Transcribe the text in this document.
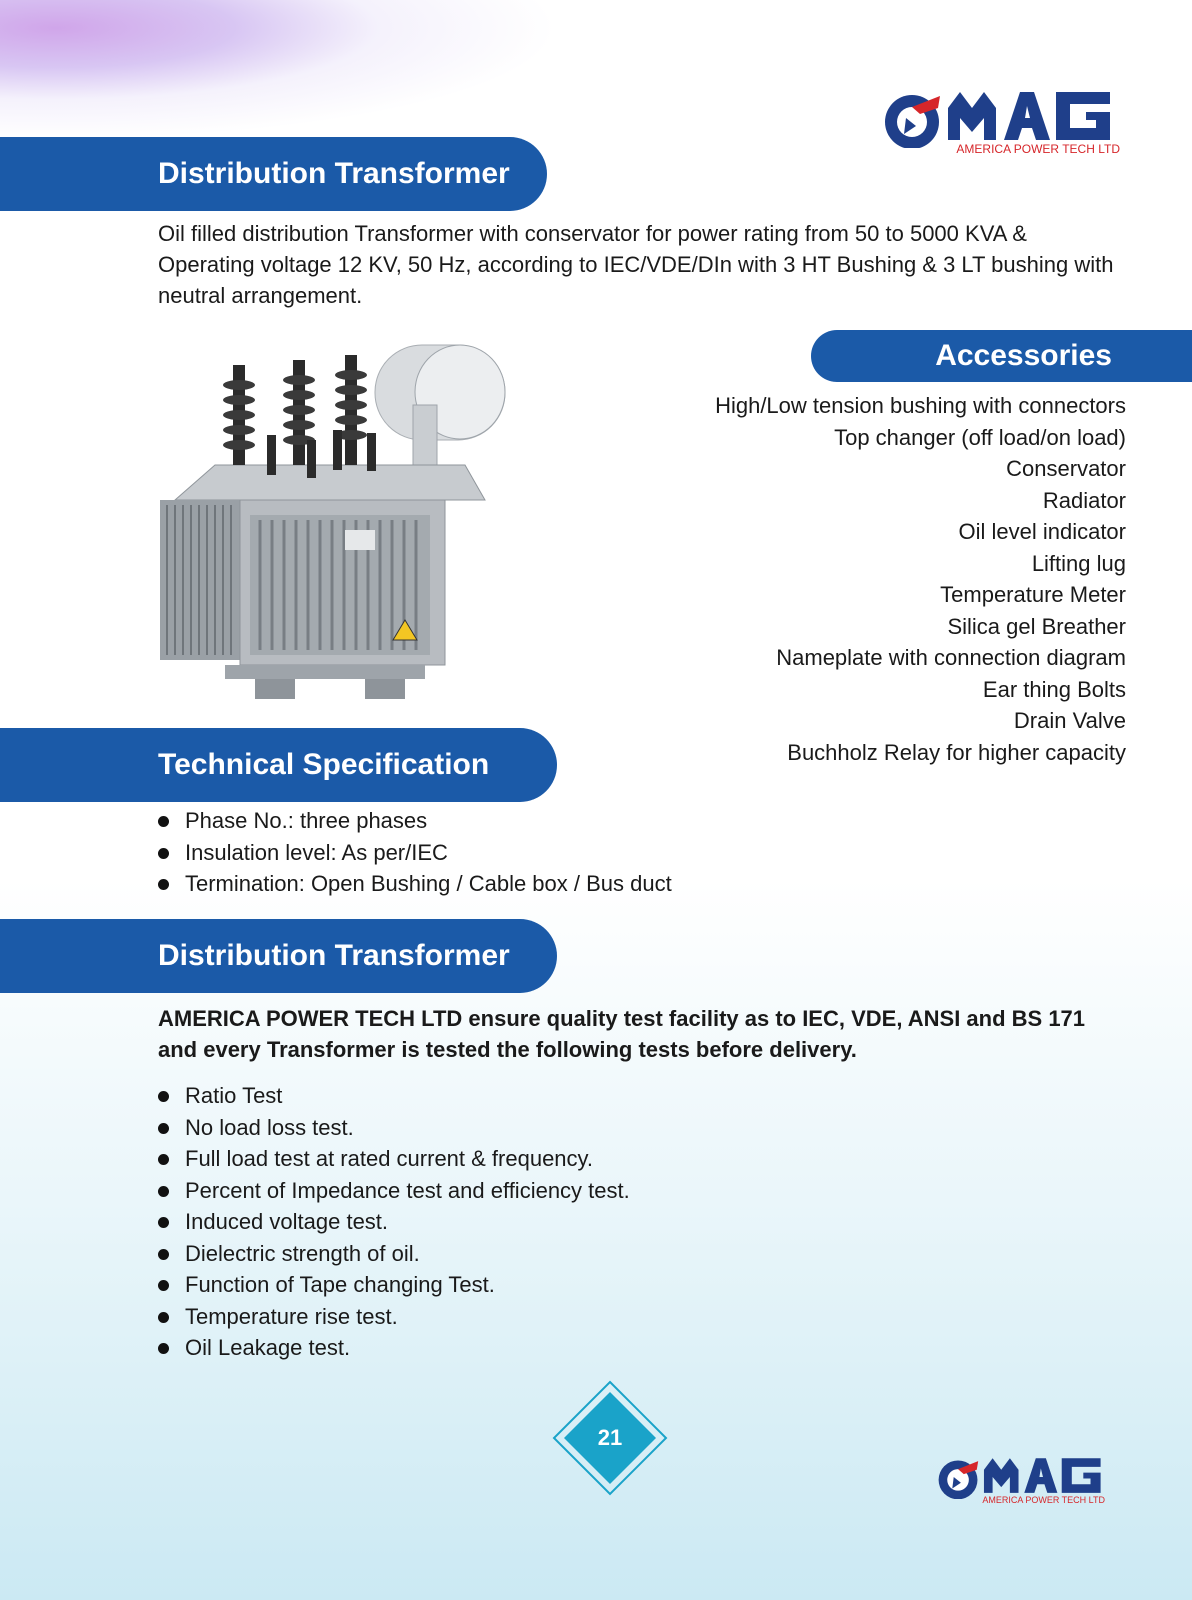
AMERICA POWER TECH LTD
Distribution Transformer
Oil filled distribution Transformer with conservator for power rating from 50 to 5000 KVA & Operating voltage 12 KV, 50 Hz, according to IEC/VDE/DIn with 3 HT Bushing & 3 LT bushing with neutral arrangement.
Accessories
High/Low tension bushing with connectors
Top changer (off load/on load)
Conservator
Radiator
Oil level indicator
Lifting lug
Temperature Meter
Silica gel Breather
Nameplate with connection diagram
Ear thing Bolts
Drain Valve
Buchholz Relay for higher capacity
Technical Specification
Phase No.: three phases
Insulation level: As per/IEC
Termination: Open Bushing / Cable box / Bus duct
Distribution Transformer
AMERICA POWER TECH LTD ensure quality test facility as to IEC, VDE, ANSI and BS 171 and every Transformer is tested the following tests before delivery.
Ratio Test
No load loss test.
Full load test at rated current & frequency.
Percent of Impedance test and efficiency test.
Induced voltage test.
Dielectric strength of oil.
Function of Tape changing Test.
Temperature rise test.
Oil Leakage test.
21
AMERICA POWER TECH LTD
